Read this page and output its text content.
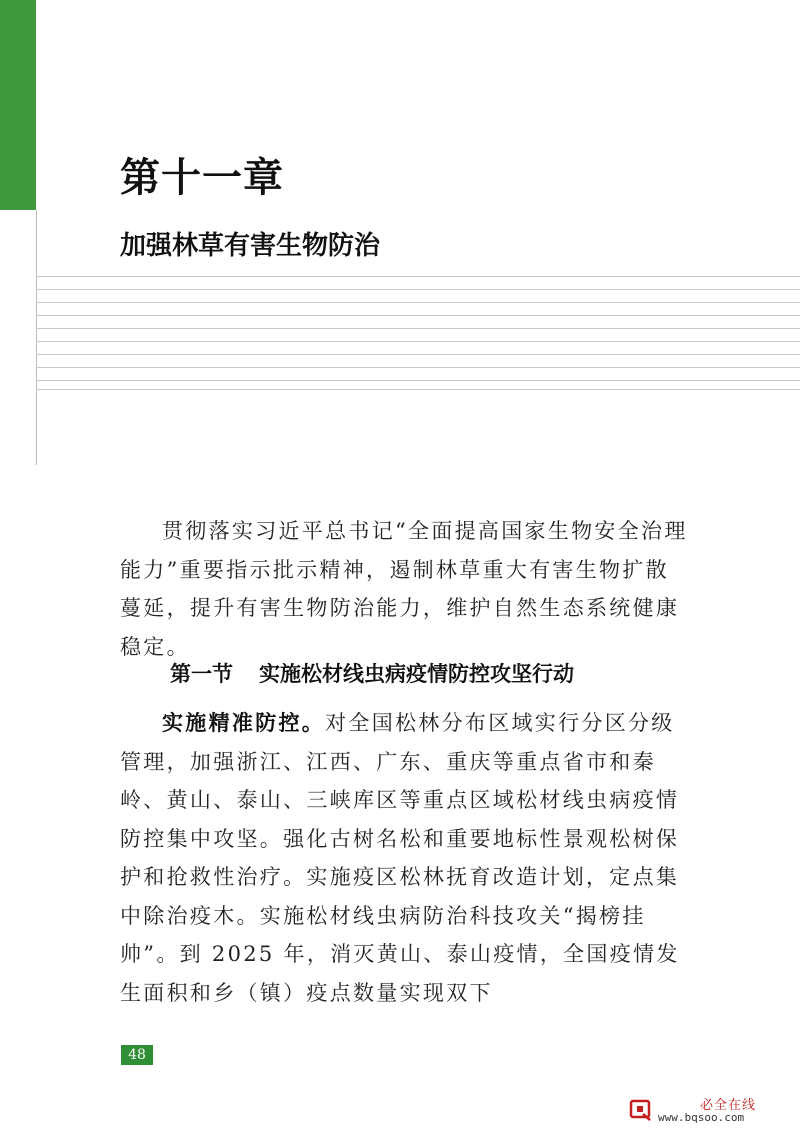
第十一章
加强林草有害生物防治

贯彻落实习近平总书记“全面提高国家生物安全治理能力”重要指示批示精神，遏制林草重大有害生物扩散蔓延，提升有害生物防治能力，维护自然生态系统健康稳定。

第一节 实施松材线虫病疫情防控攻坚行动

实施精准防控。对全国松林分布区域实行分区分级管理，加强浙江、江西、广东、重庆等重点省市和秦岭、黄山、泰山、三峡库区等重点区域松材线虫病疫情防控集中攻坚。强化古树名松和重要地标性景观松树保护和抢救性治疗。实施疫区松林抚育改造计划，定点集中除治疫木。实施松材线虫病防治科技攻关“揭榜挂帅”。到 2025 年，消灭黄山、泰山疫情，全国疫情发生面积和乡（镇）疫点数量实现双下

48
必全在线
www.bqsoo.com
